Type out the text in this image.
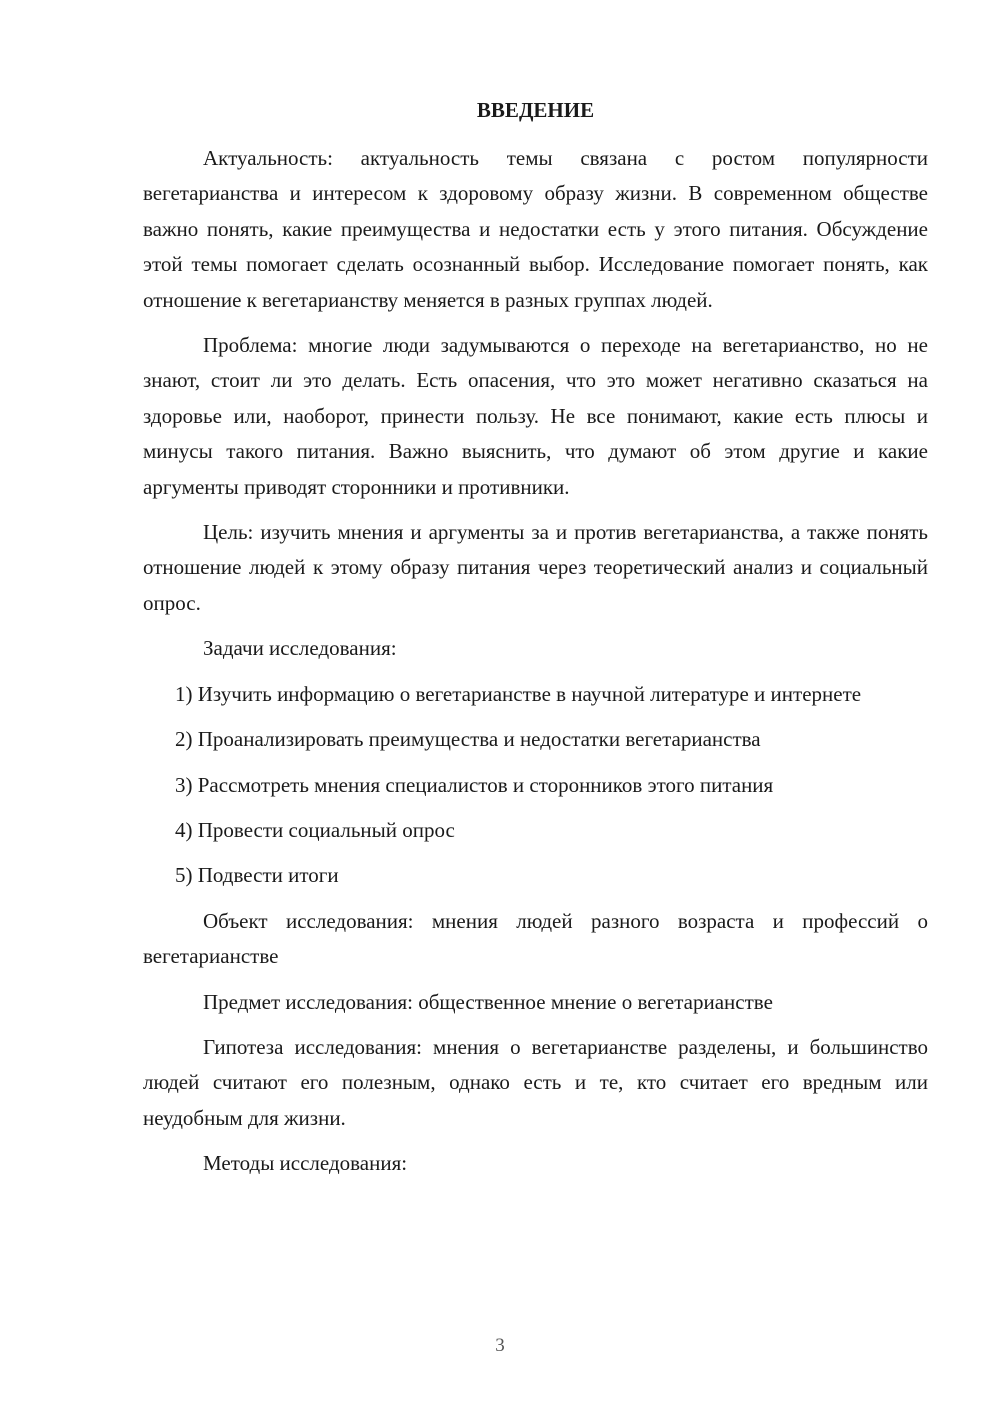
ВВЕДЕНИЕ

Актуальность: актуальность темы связана с ростом популярности вегетарианства и интересом к здоровому образу жизни. В современном обществе важно понять, какие преимущества и недостатки есть у этого питания. Обсуждение этой темы помогает сделать осознанный выбор. Исследование помогает понять, как отношение к вегетарианству меняется в разных группах людей.

Проблема: многие люди задумываются о переходе на вегетарианство, но не знают, стоит ли это делать. Есть опасения, что это может негативно сказаться на здоровье или, наоборот, принести пользу. Не все понимают, какие есть плюсы и минусы такого питания. Важно выяснить, что думают об этом другие и какие аргументы приводят сторонники и противники.

Цель: изучить мнения и аргументы за и против вегетарианства, а также понять отношение людей к этому образу питания через теоретический анализ и социальный опрос.

Задачи исследования:

1) Изучить информацию о вегетарианстве в научной литературе и интернете

2) Проанализировать преимущества и недостатки вегетарианства

3) Рассмотреть мнения специалистов и сторонников этого питания

4) Провести социальный опрос

5) Подвести итоги

Объект исследования: мнения людей разного возраста и профессий о вегетарианстве

Предмет исследования: общественное мнение о вегетарианстве

Гипотеза исследования: мнения о вегетарианстве разделены, и большинство людей считают его полезным, однако есть и те, кто считает его вредным или неудобным для жизни.

Методы исследования:

3
